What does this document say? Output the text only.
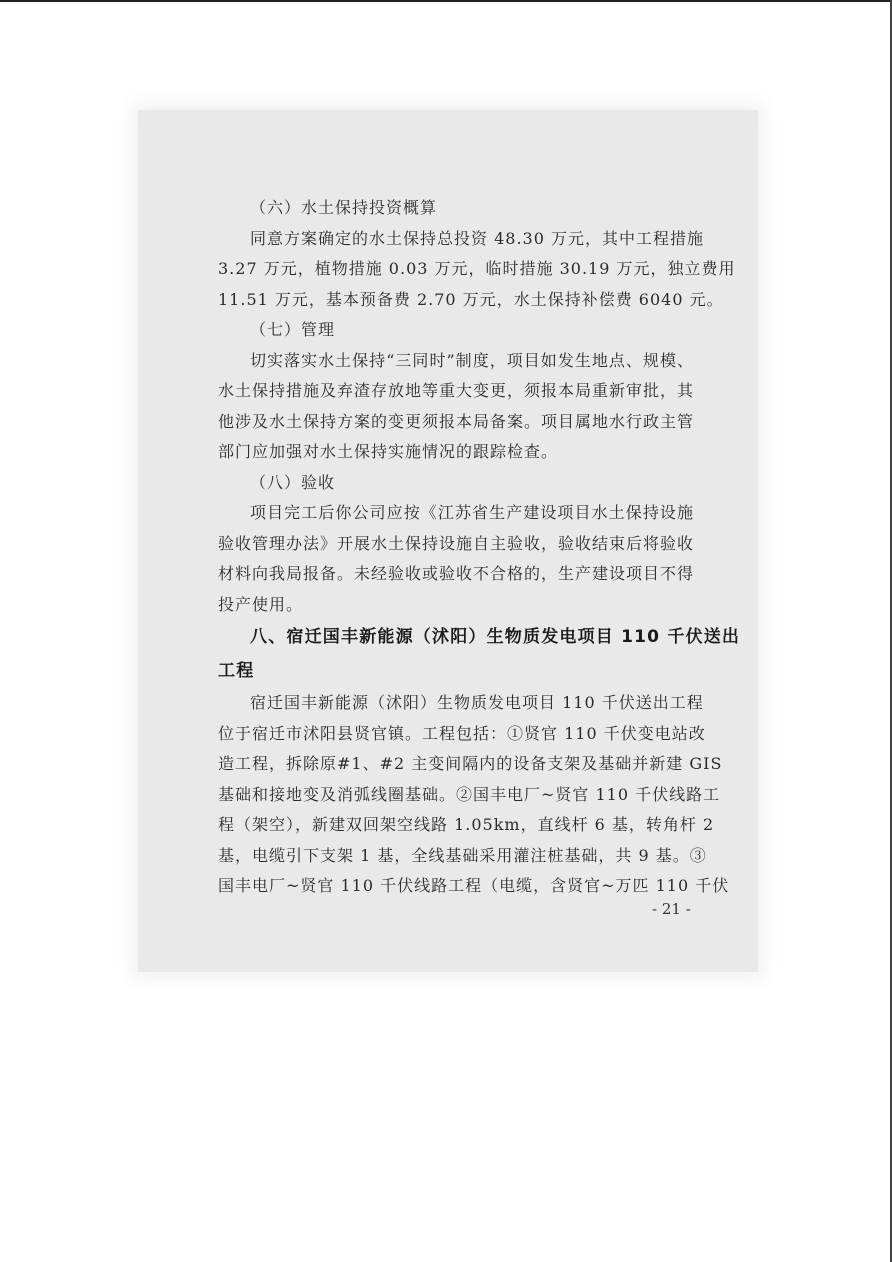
（六）水土保持投资概算
同意方案确定的水土保持总投资 48.30 万元，其中工程措施
3.27 万元，植物措施 0.03 万元，临时措施 30.19 万元，独立费用
11.51 万元，基本预备费 2.70 万元，水土保持补偿费 6040 元。
（七）管理
切实落实水土保持“三同时”制度，项目如发生地点、规模、
水土保持措施及弃渣存放地等重大变更，须报本局重新审批，其
他涉及水土保持方案的变更须报本局备案。项目属地水行政主管
部门应加强对水土保持实施情况的跟踪检查。
（八）验收
项目完工后你公司应按《江苏省生产建设项目水土保持设施
验收管理办法》开展水土保持设施自主验收，验收结束后将验收
材料向我局报备。未经验收或验收不合格的，生产建设项目不得
投产使用。
八、宿迁国丰新能源（沭阳）生物质发电项目 110 千伏送出
工程
宿迁国丰新能源（沭阳）生物质发电项目 110 千伏送出工程
位于宿迁市沭阳县贤官镇。工程包括：①贤官 110 千伏变电站改
造工程，拆除原#1、#2 主变间隔内的设备支架及基础并新建 GIS
基础和接地变及消弧线圈基础。②国丰电厂~贤官 110 千伏线路工
程（架空），新建双回架空线路 1.05km，直线杆 6 基，转角杆 2
基，电缆引下支架 1 基，全线基础采用灌注桩基础，共 9 基。③
国丰电厂~贤官 110 千伏线路工程（电缆，含贤官~万匹 110 千伏
- 21 -
